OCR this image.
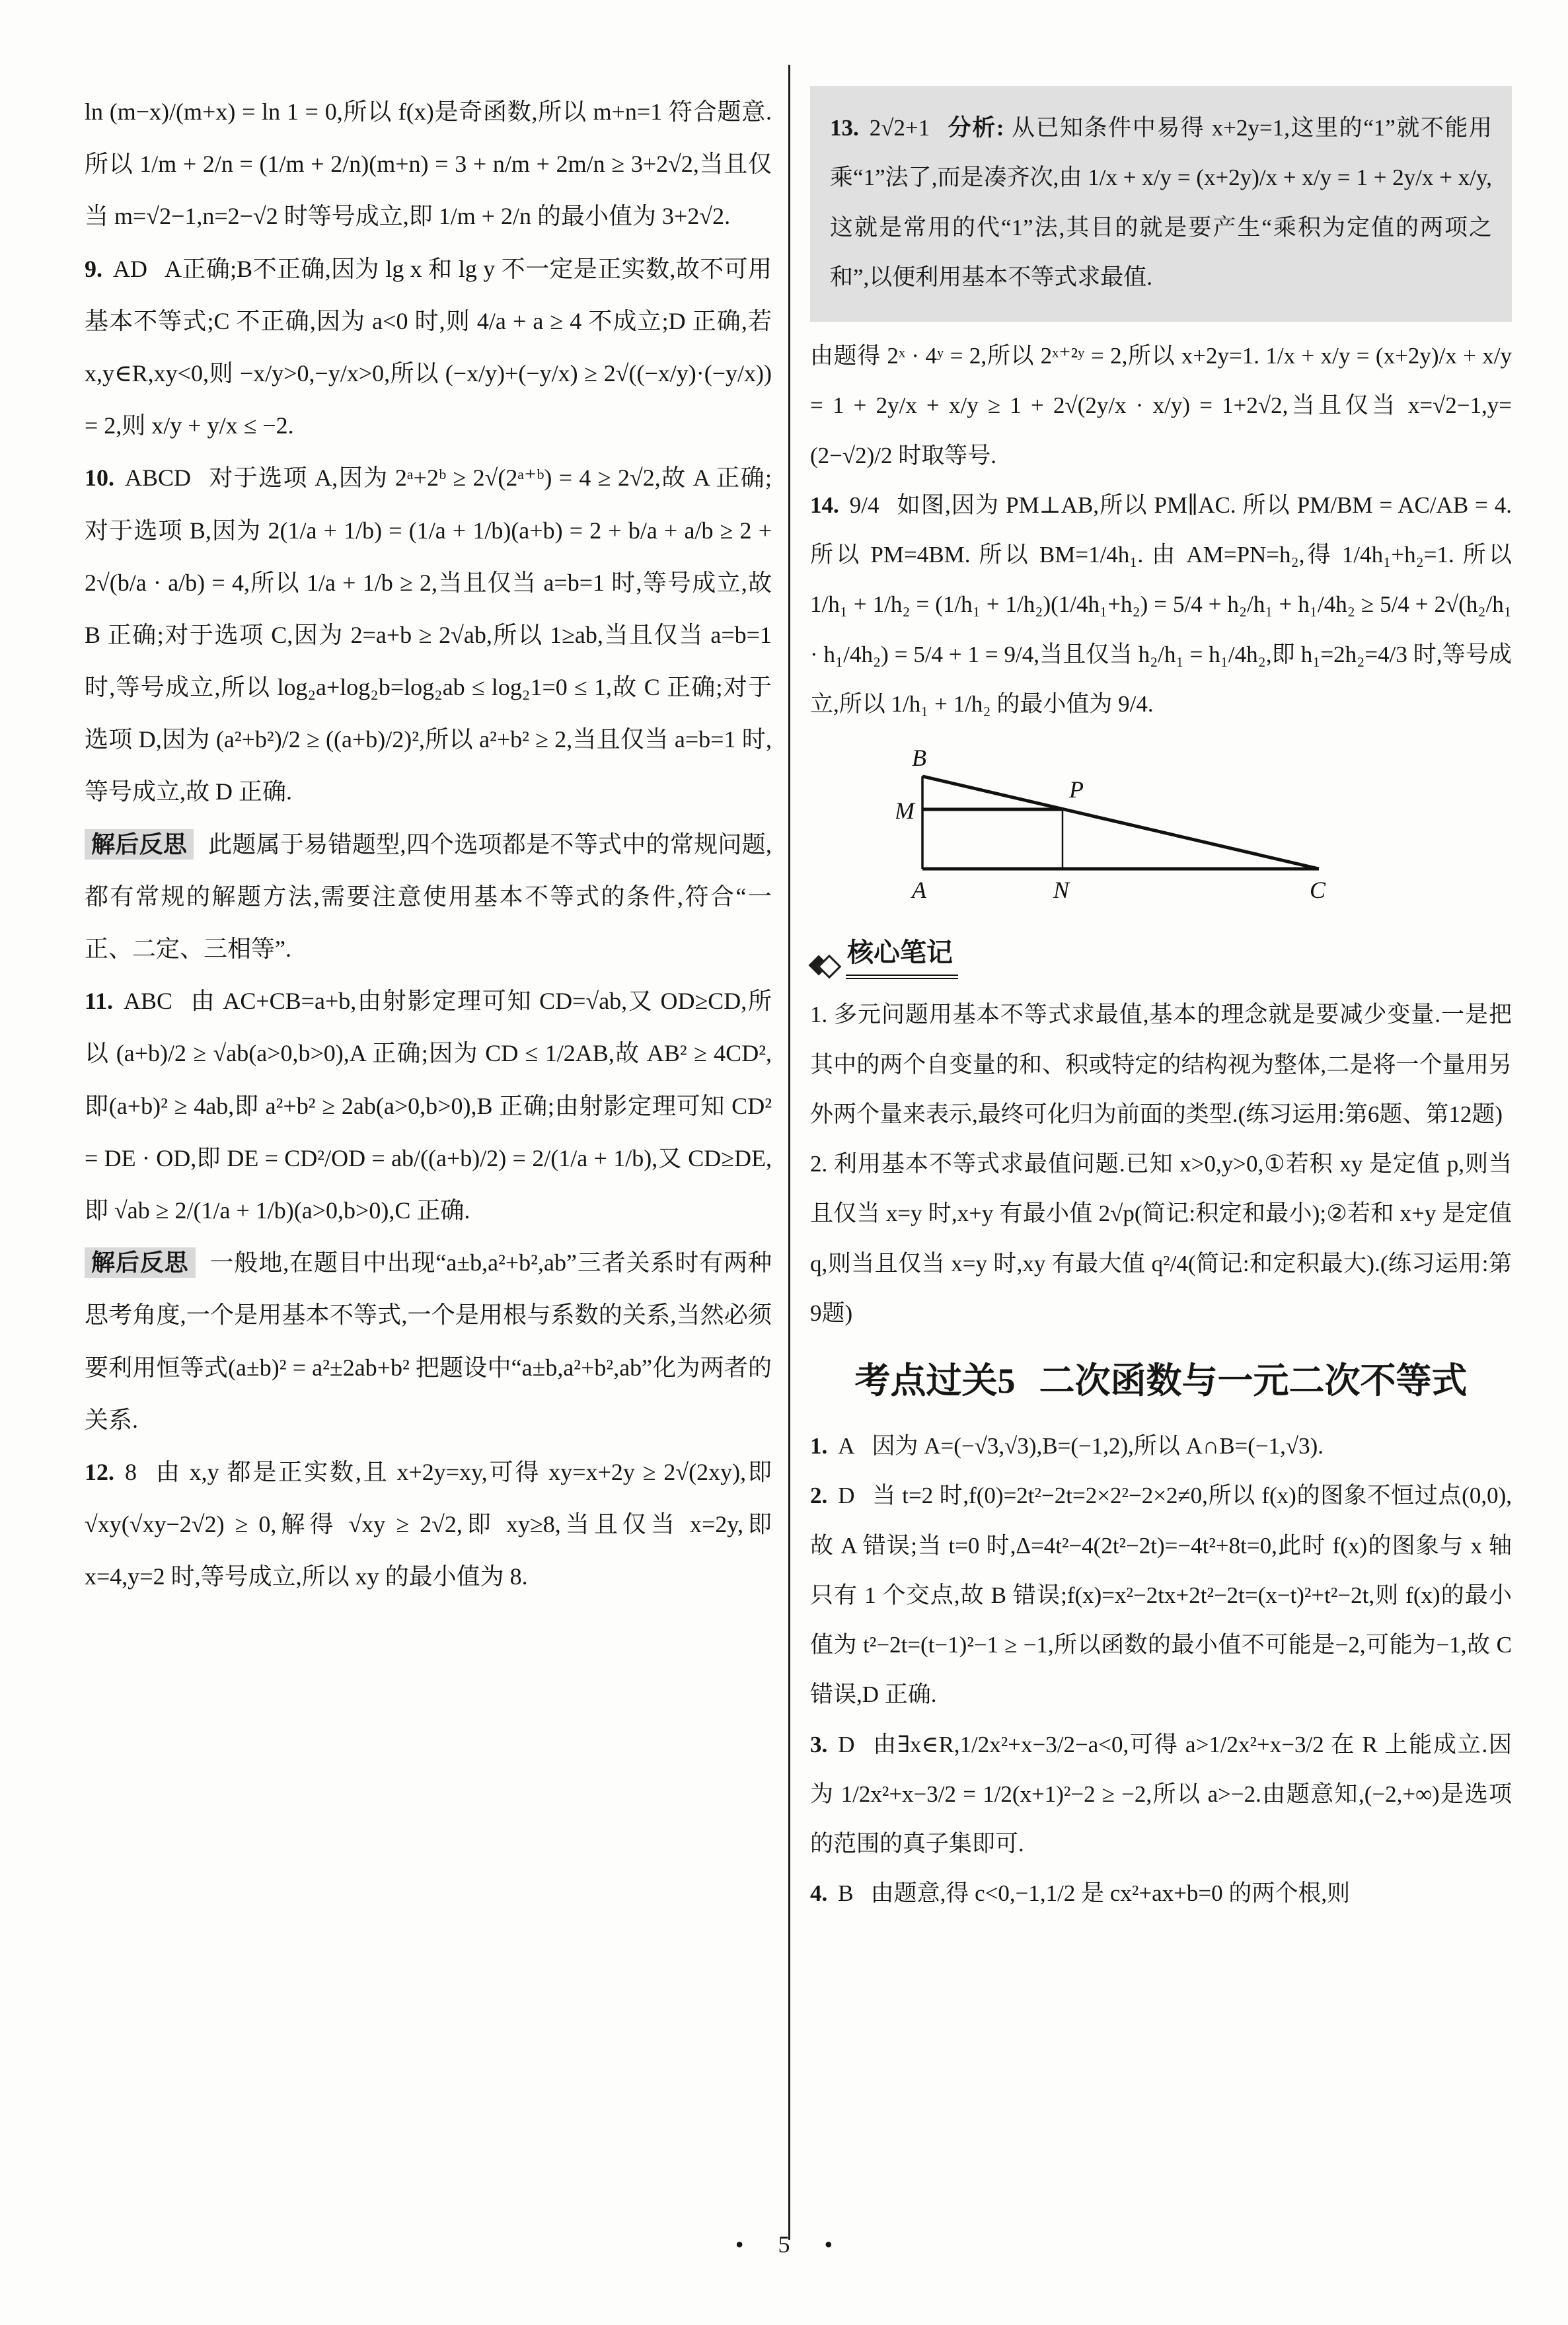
ln (m−x)/(m+x) = ln 1 = 0,所以 f(x)是奇函数,所以 m+n=1 符合题意.所以 1/m + 2/n = (1/m + 2/n)(m+n) = 3 + n/m + 2m/n ≥ 3+2√2,当且仅当 m=√2−1,n=2−√2 时等号成立,即 1/m + 2/n 的最小值为 3+2√2.

9. AD A正确;B不正确,因为 lg x 和 lg y 不一定是正实数,故不可用基本不等式;C 不正确,因为 a<0 时,则 4/a + a ≥ 4 不成立;D 正确,若 x,y∈R,xy<0,则 −x/y>0,−y/x>0,所以 (−x/y)+(−y/x) ≥ 2√((−x/y)·(−y/x)) = 2,则 x/y + y/x ≤ −2.

10. ABCD 对于选项 A,因为 2ᵃ+2ᵇ ≥ 2√(2ᵃ⁺ᵇ) = 4 ≥ 2√2,故 A 正确;对于选项 B,因为 2(1/a + 1/b) = (1/a + 1/b)(a+b) = 2 + b/a + a/b ≥ 2 + 2√(b/a · a/b) = 4,所以 1/a + 1/b ≥ 2,当且仅当 a=b=1 时,等号成立,故 B 正确;对于选项 C,因为 2=a+b ≥ 2√ab,所以 1≥ab,当且仅当 a=b=1 时,等号成立,所以 log₂a+log₂b=log₂ab ≤ log₂1=0 ≤ 1,故 C 正确;对于选项 D,因为 (a²+b²)/2 ≥ ((a+b)/2)²,所以 a²+b² ≥ 2,当且仅当 a=b=1 时,等号成立,故 D 正确.

解后反思 此题属于易错题型,四个选项都是不等式中的常规问题,都有常规的解题方法,需要注意使用基本不等式的条件,符合“一正、二定、三相等”.

11. ABC 由 AC+CB=a+b,由射影定理可知 CD=√ab,又 OD≥CD,所以 (a+b)/2 ≥ √ab(a>0,b>0),A 正确;因为 CD ≤ 1/2AB,故 AB² ≥ 4CD²,即(a+b)² ≥ 4ab,即 a²+b² ≥ 2ab(a>0,b>0),B 正确;由射影定理可知 CD² = DE · OD,即 DE = CD²/OD = ab/((a+b)/2) = 2/(1/a + 1/b),又 CD≥DE,即 √ab ≥ 2/(1/a + 1/b)(a>0,b>0),C 正确.

解后反思 一般地,在题目中出现“a±b,a²+b²,ab”三者关系时有两种思考角度,一个是用基本不等式,一个是用根与系数的关系,当然必须要利用恒等式(a±b)² = a²±2ab+b² 把题设中“a±b,a²+b²,ab”化为两者的关系.

12. 8 由 x,y 都是正实数,且 x+2y=xy,可得 xy=x+2y ≥ 2√(2xy),即 √xy(√xy−2√2) ≥ 0,解得 √xy ≥ 2√2,即 xy≥8,当且仅当 x=2y,即 x=4,y=2 时,等号成立,所以 xy 的最小值为 8.

13. 2√2+1 分析: 从已知条件中易得 x+2y=1,这里的“1”就不能用乘“1”法了,而是凑齐次,由 1/x + x/y = (x+2y)/x + x/y = 1 + 2y/x + x/y,这就是常用的代“1”法,其目的就是要产生“乘积为定值的两项之和”,以便利用基本不等式求最值.

由题得 2ˣ · 4ʸ = 2,所以 2ˣ⁺²ʸ = 2,所以 x+2y=1. 1/x + x/y = (x+2y)/x + x/y = 1 + 2y/x + x/y ≥ 1 + 2√(2y/x · x/y) = 1+2√2,当且仅当 x=√2−1,y=(2−√2)/2 时取等号.

14. 9/4 如图,因为 PM⊥AB,所以 PM∥AC. 所以 PM/BM = AC/AB = 4. 所以 PM=4BM. 所以 BM=1/4h₁. 由 AM=PN=h₂,得 1/4h₁+h₂=1. 所以 1/h₁ + 1/h₂ = (1/h₁ + 1/h₂)(1/4h₁+h₂) = 5/4 + h₂/h₁ + h₁/4h₂ ≥ 5/4 + 2√(h₂/h₁ · h₁/4h₂) = 5/4 + 1 = 9/4,当且仅当 h₂/h₁ = h₁/4h₂,即 h₁=2h₂=4/3 时,等号成立,所以 1/h₁ + 1/h₂ 的最小值为 9/4.

B
M
P
A	N	C
核心笔记

1. 多元问题用基本不等式求最值,基本的理念就是要减少变量.一是把其中的两个自变量的和、积或特定的结构视为整体,二是将一个量用另外两个量来表示,最终可化归为前面的类型.(练习运用:第6题、第12题)

2. 利用基本不等式求最值问题.已知 x>0,y>0,①若积 xy 是定值 p,则当且仅当 x=y 时,x+y 有最小值 2√p(简记:积定和最小);②若和 x+y 是定值 q,则当且仅当 x=y 时,xy 有最大值 q²/4(简记:和定积最大).(练习运用:第9题)

考点过关5 二次函数与一元二次不等式

1. A 因为 A=(−√3,√3),B=(−1,2),所以 A∩B=(−1,√3).

2. D 当 t=2 时,f(0)=2t²−2t=2×2²−2×2≠0,所以 f(x)的图象不恒过点(0,0),故 A 错误;当 t=0 时,Δ=4t²−4(2t²−2t)=−4t²+8t=0,此时 f(x)的图象与 x 轴只有 1 个交点,故 B 错误;f(x)=x²−2tx+2t²−2t=(x−t)²+t²−2t,则 f(x)的最小值为 t²−2t=(t−1)²−1 ≥ −1,所以函数的最小值不可能是−2,可能为−1,故 C 错误,D 正确.

3. D 由∃x∈R,1/2x²+x−3/2−a<0,可得 a>1/2x²+x−3/2 在 R 上能成立.因为 1/2x²+x−3/2 = 1/2(x+1)²−2 ≥ −2,所以 a>−2.由题意知,(−2,+∞)是选项的范围的真子集即可.

4. B 由题意,得 c<0,−1,1/2 是 cx²+ax+b=0 的两个根,则

• 5 •
